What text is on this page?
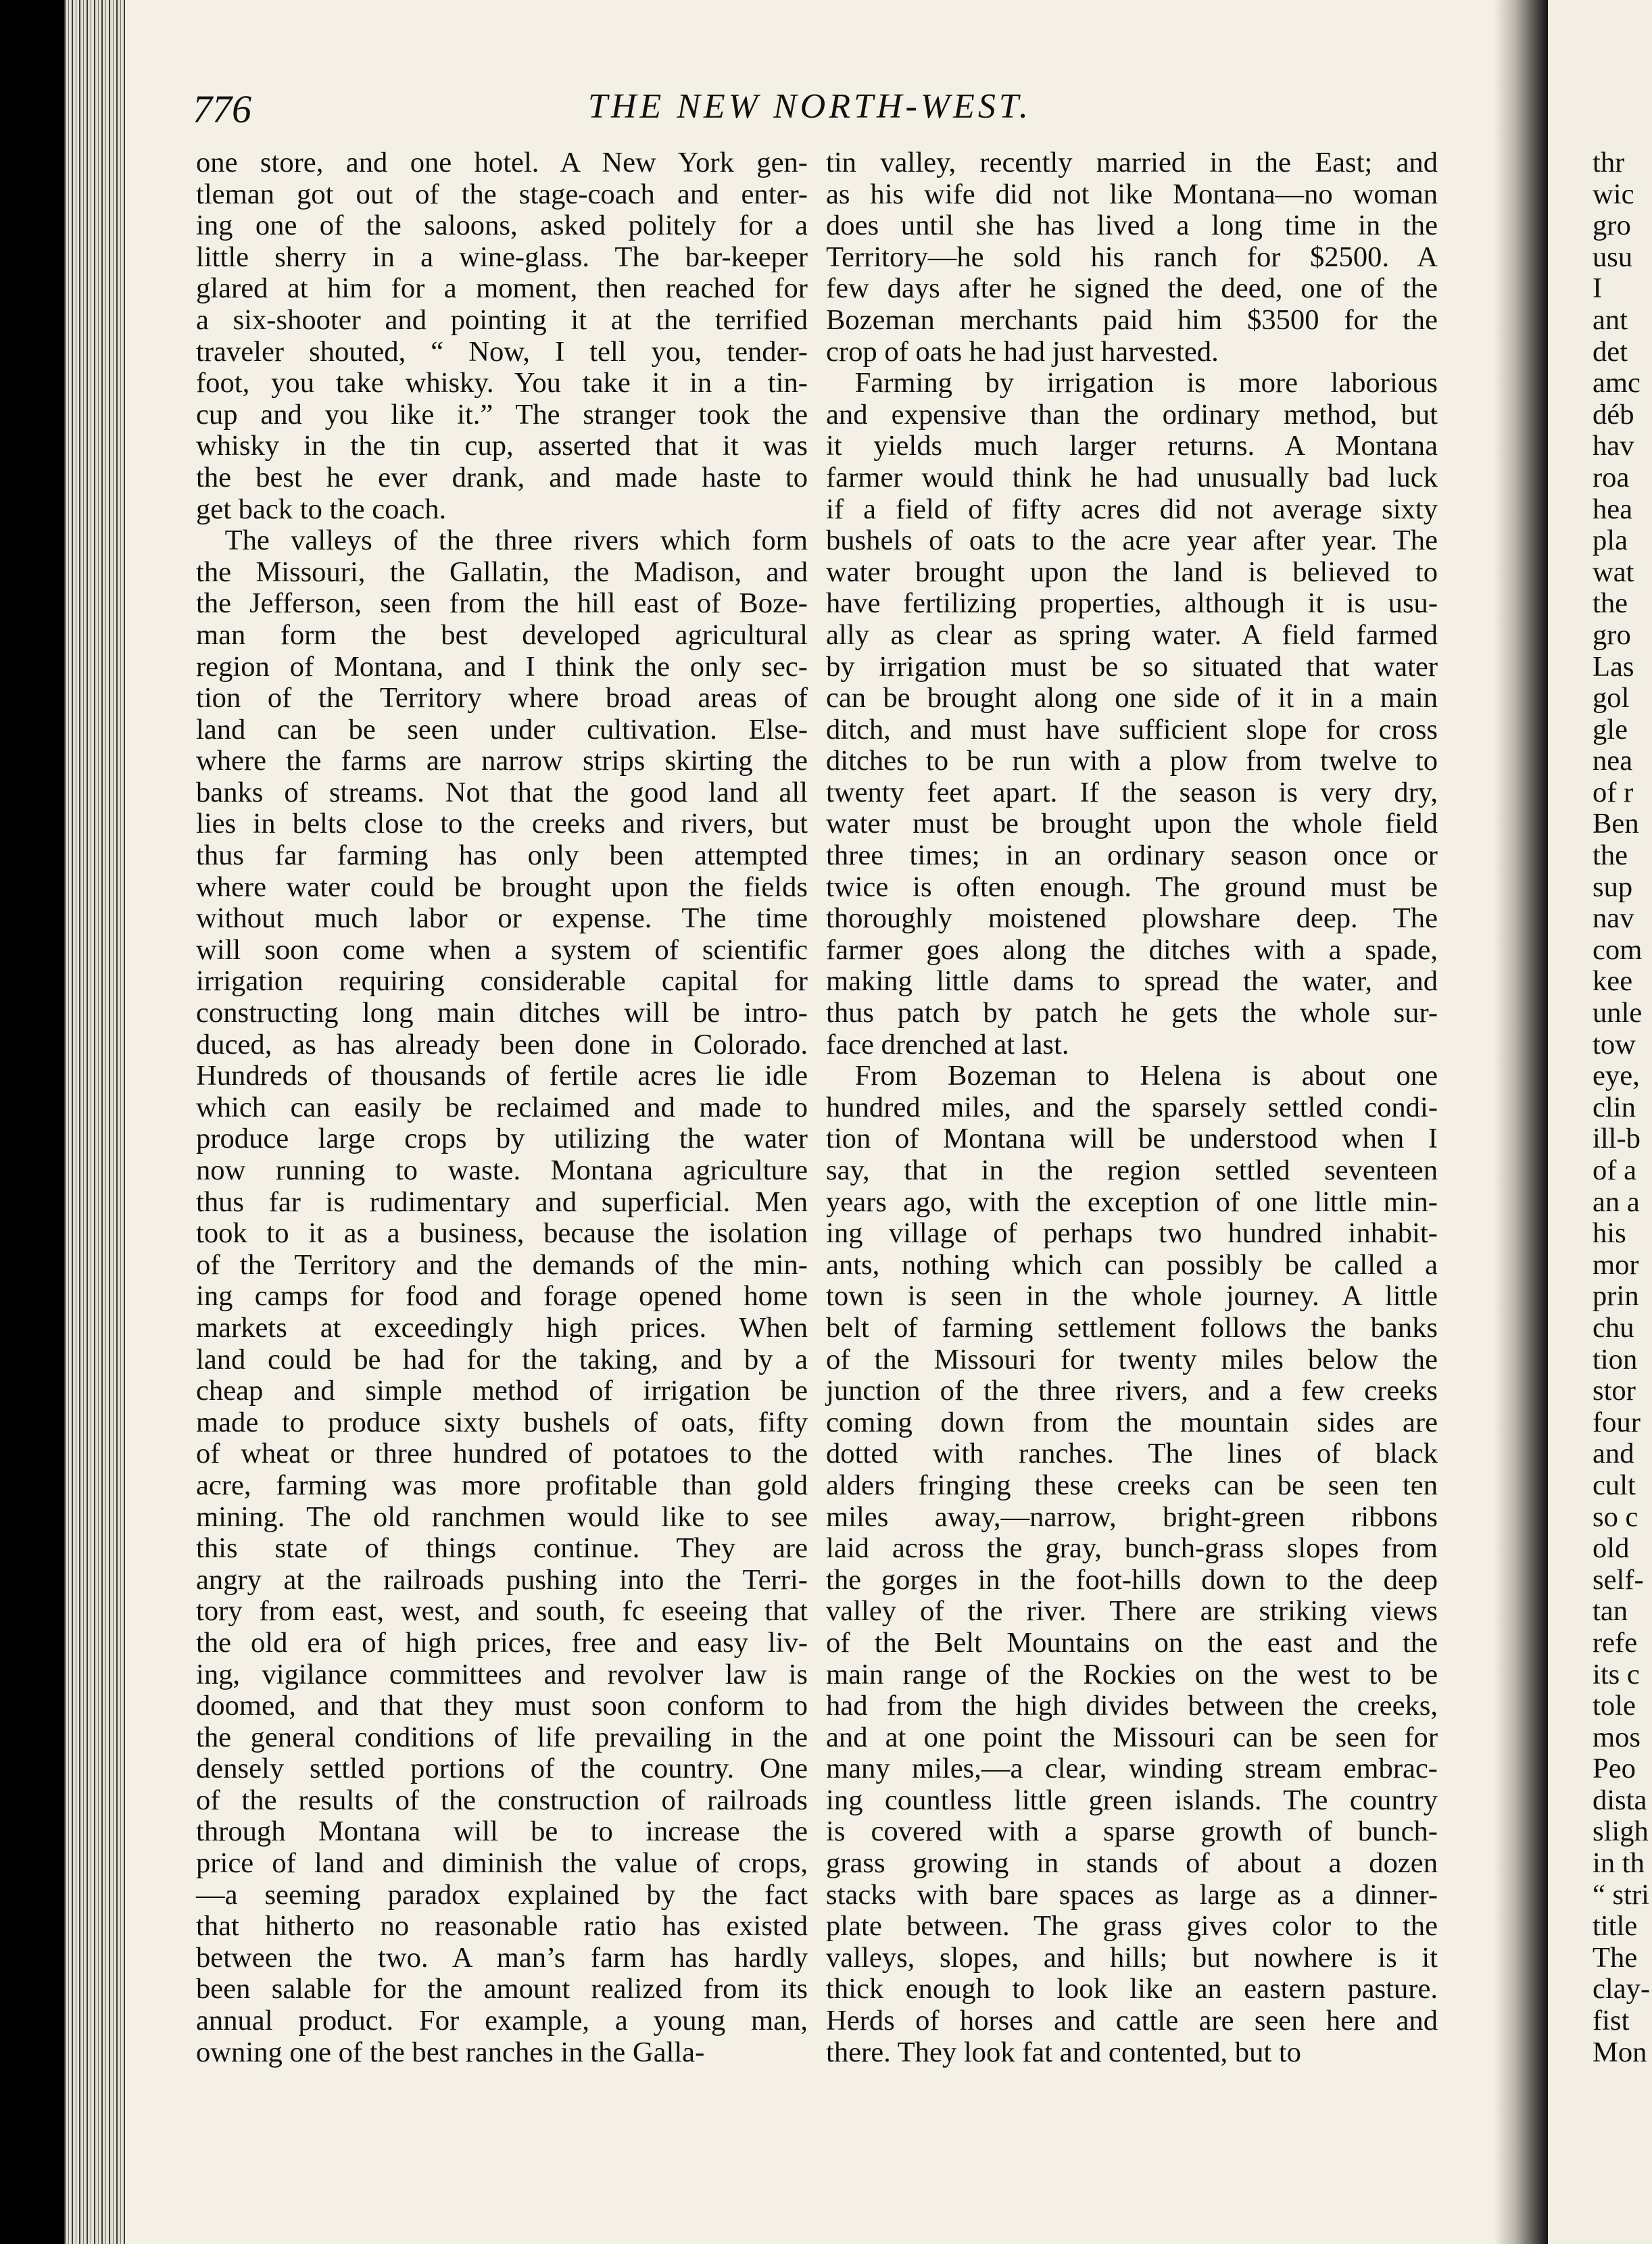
thr
wic
gro
usu
I
ant
det
amc
déb
hav
roa
hea
pla
wat
the
gro
Las
gol
gle
nea
of r
Ben
the
sup
nav
com
kee
unle
tow
eye,
clin
ill-b
of a
an a
his
mor
prin
chu
tion
stor
four
and
cult
so c
old
self-
tan
refe
its c
tole
mos
Peo
dista
sligh
in th
“ stri
title
The
clay-
fist
Mon
776	THE NEW NORTH-WEST.
one store, and one hotel. A New York gen-
tleman got out of the stage-coach and enter-
ing one of the saloons, asked politely for a
little sherry in a wine-glass. The bar-keeper
glared at him for a moment, then reached for
a six-shooter and pointing it at the terrified
traveler shouted, “ Now, I tell you, tender-
foot, you take whisky. You take it in a tin-
cup and you like it.” The stranger took the
whisky in the tin cup, asserted that it was
the best he ever drank, and made haste to
get back to the coach.
The valleys of the three rivers which form
the Missouri, the Gallatin, the Madison, and
the Jefferson, seen from the hill east of Boze-
man form the best developed agricultural
region of Montana, and I think the only sec-
tion of the Territory where broad areas of
land can be seen under cultivation. Else-
where the farms are narrow strips skirting the
banks of streams. Not that the good land all
lies in belts close to the creeks and rivers, but
thus far farming has only been attempted
where water could be brought upon the fields
without much labor or expense. The time
will soon come when a system of scientific
irrigation requiring considerable capital for
constructing long main ditches will be intro-
duced, as has already been done in Colorado.
Hundreds of thousands of fertile acres lie idle
which can easily be reclaimed and made to
produce large crops by utilizing the water
now running to waste. Montana agriculture
thus far is rudimentary and superficial. Men
took to it as a business, because the isolation
of the Territory and the demands of the min-
ing camps for food and forage opened home
markets at exceedingly high prices. When
land could be had for the taking, and by a
cheap and simple method of irrigation be
made to produce sixty bushels of oats, fifty
of wheat or three hundred of potatoes to the
acre, farming was more profitable than gold
mining. The old ranchmen would like to see
this state of things continue. They are
angry at the railroads pushing into the Terri-
tory from east, west, and south, fc eseeing that
the old era of high prices, free and easy liv-
ing, vigilance committees and revolver law is
doomed, and that they must soon conform to
the general conditions of life prevailing in the
densely settled portions of the country. One
of the results of the construction of railroads
through Montana will be to increase the
price of land and diminish the value of crops,
—a seeming paradox explained by the fact
that hitherto no reasonable ratio has existed
between the two. A man’s farm has hardly
been salable for the amount realized from its
annual product. For example, a young man,
owning one of the best ranches in the Galla-
tin valley, recently married in the East; and
as his wife did not like Montana—no woman
does until she has lived a long time in the
Territory—he sold his ranch for $2500. A
few days after he signed the deed, one of the
Bozeman merchants paid him $3500 for the
crop of oats he had just harvested.
Farming by irrigation is more laborious
and expensive than the ordinary method, but
it yields much larger returns. A Montana
farmer would think he had unusually bad luck
if a field of fifty acres did not average sixty
bushels of oats to the acre year after year. The
water brought upon the land is believed to
have fertilizing properties, although it is usu-
ally as clear as spring water. A field farmed
by irrigation must be so situated that water
can be brought along one side of it in a main
ditch, and must have sufficient slope for cross
ditches to be run with a plow from twelve to
twenty feet apart. If the season is very dry,
water must be brought upon the whole field
three times; in an ordinary season once or
twice is often enough. The ground must be
thoroughly moistened plowshare deep. The
farmer goes along the ditches with a spade,
making little dams to spread the water, and
thus patch by patch he gets the whole sur-
face drenched at last.
From Bozeman to Helena is about one
hundred miles, and the sparsely settled condi-
tion of Montana will be understood when I
say, that in the region settled seventeen
years ago, with the exception of one little min-
ing village of perhaps two hundred inhabit-
ants, nothing which can possibly be called a
town is seen in the whole journey. A little
belt of farming settlement follows the banks
of the Missouri for twenty miles below the
junction of the three rivers, and a few creeks
coming down from the mountain sides are
dotted with ranches. The lines of black
alders fringing these creeks can be seen ten
miles away,—narrow, bright-green ribbons
laid across the gray, bunch-grass slopes from
the gorges in the foot-hills down to the deep
valley of the river. There are striking views
of the Belt Mountains on the east and the
main range of the Rockies on the west to be
had from the high divides between the creeks,
and at one point the Missouri can be seen for
many miles,—a clear, winding stream embrac-
ing countless little green islands. The country
is covered with a sparse growth of bunch-
grass growing in stands of about a dozen
stacks with bare spaces as large as a dinner-
plate between. The grass gives color to the
valleys, slopes, and hills; but nowhere is it
thick enough to look like an eastern pasture.
Herds of horses and cattle are seen here and
there. They look fat and contented, but to
